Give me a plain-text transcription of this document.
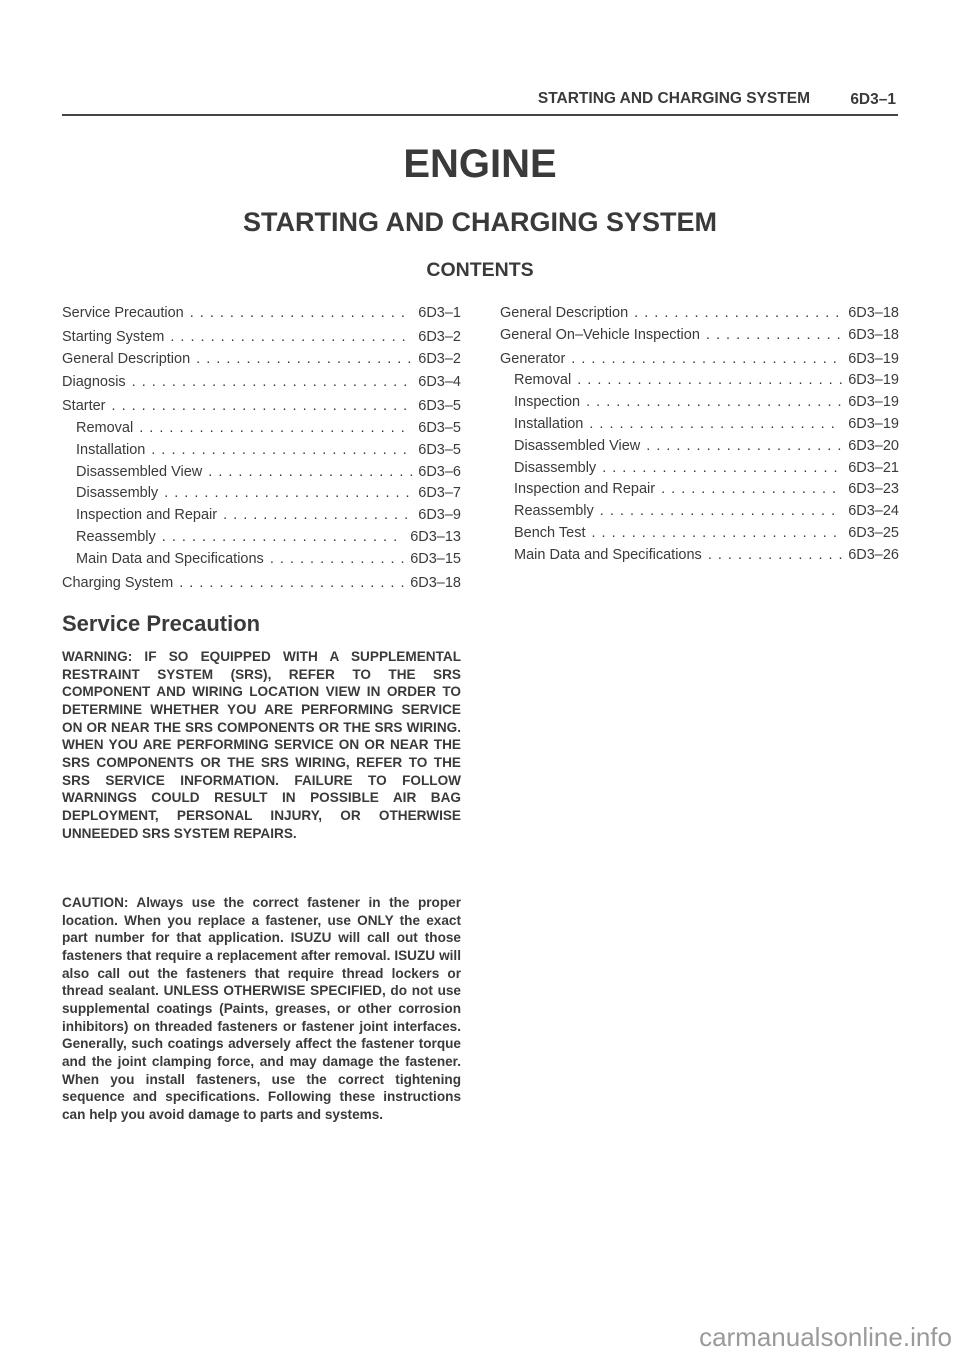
STARTING AND CHARGING SYSTEM	6D3–1
ENGINE
STARTING AND CHARGING SYSTEM
CONTENTS
Service Precaution . . .	6D3–1
Starting System . . .	6D3–2
General Description . . .	6D3–2
Diagnosis . . .	6D3–4
Starter . . .	6D3–5
Removal . . .	6D3–5
Installation . . .	6D3–5
Disassembled View . . .	6D3–6
Disassembly . . .	6D3–7
Inspection and Repair . . .	6D3–9
Reassembly . . .	6D3–13
Main Data and Specifications . . .	6D3–15
Charging System . . .	6D3–18
General Description . . .	6D3–18
General On–Vehicle Inspection . . .	6D3–18
Generator . . .	6D3–19
Removal . . .	6D3–19
Inspection . . .	6D3–19
Installation . . .	6D3–19
Disassembled View . . .	6D3–20
Disassembly . . .	6D3–21
Inspection and Repair . . .	6D3–23
Reassembly . . .	6D3–24
Bench Test . . .	6D3–25
Main Data and Specifications . . .	6D3–26
Service Precaution
WARNING: IF SO EQUIPPED WITH A SUPPLEMENTAL RESTRAINT SYSTEM (SRS), REFER TO THE SRS COMPONENT AND WIRING LOCATION VIEW IN ORDER TO DETERMINE WHETHER YOU ARE PERFORMING SERVICE ON OR NEAR THE SRS COMPONENTS OR THE SRS WIRING. WHEN YOU ARE PERFORMING SERVICE ON OR NEAR THE SRS COMPONENTS OR THE SRS WIRING, REFER TO THE SRS SERVICE INFORMATION. FAILURE TO FOLLOW WARNINGS COULD RESULT IN POSSIBLE AIR BAG DEPLOYMENT, PERSONAL INJURY, OR OTHERWISE UNNEEDED SRS SYSTEM REPAIRS.
CAUTION: Always use the correct fastener in the proper location. When you replace a fastener, use ONLY the exact part number for that application. ISUZU will call out those fasteners that require a replacement after removal. ISUZU will also call out the fasteners that require thread lockers or thread sealant. UNLESS OTHERWISE SPECIFIED, do not use supplemental coatings (Paints, greases, or other corrosion inhibitors) on threaded fasteners or fastener joint interfaces. Generally, such coatings adversely affect the fastener torque and the joint clamping force, and may damage the fastener. When you install fasteners, use the correct tightening sequence and specifications. Following these instructions can help you avoid damage to parts and systems.
carmanualsonline.info
